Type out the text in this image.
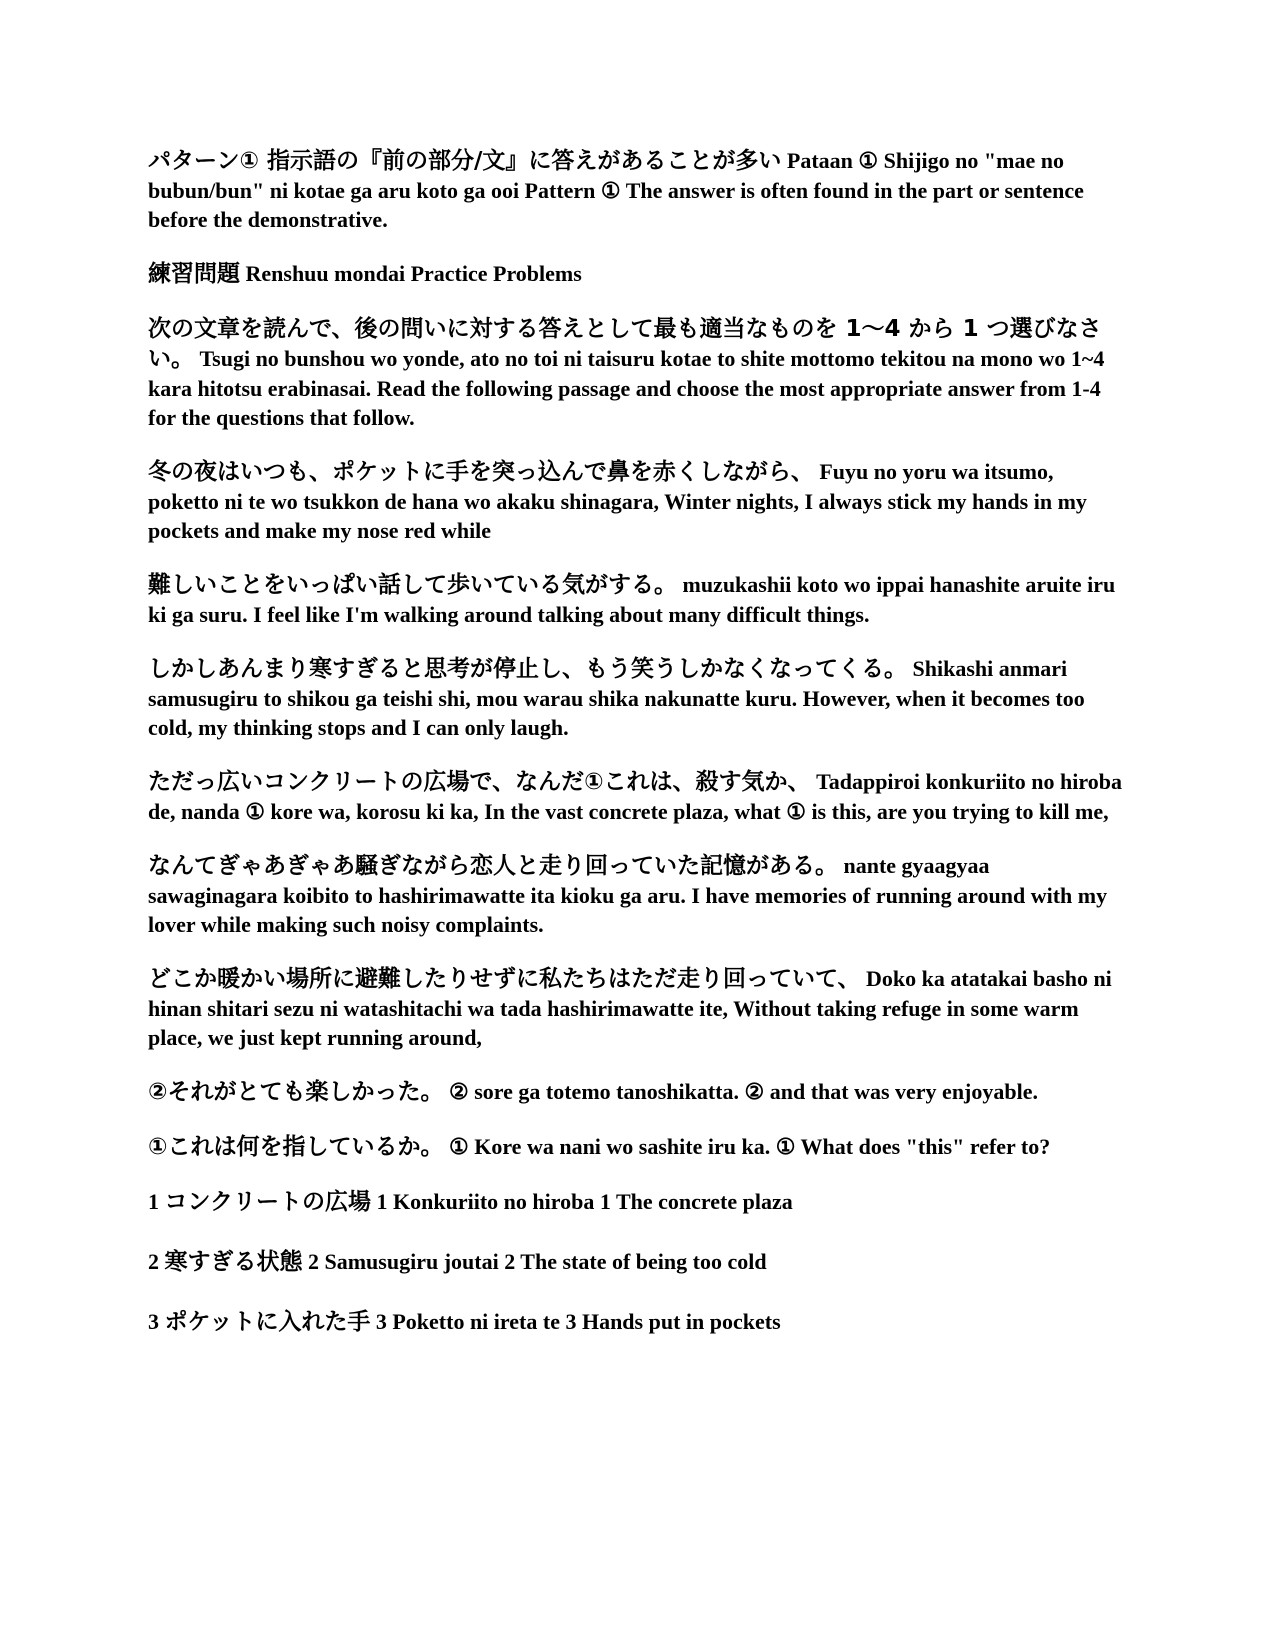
パターン① 指示語の『前の部分/文』に答えがあることが多い Pataan ① Shijigo no "mae no bubun/bun" ni kotae ga aru koto ga ooi Pattern ① The answer is often found in the part or sentence before the demonstrative.

練習問題 Renshuu mondai Practice Problems

次の文章を読んで、後の問いに対する答えとして最も適当なものを 1〜4 から 1 つ選びなさい。 Tsugi no bunshou wo yonde, ato no toi ni taisuru kotae to shite mottomo tekitou na mono wo 1~4 kara hitotsu erabinasai. Read the following passage and choose the most appropriate answer from 1-4 for the questions that follow.

冬の夜はいつも、ポケットに手を突っ込んで鼻を赤くしながら、 Fuyu no yoru wa itsumo, poketto ni te wo tsukkon de hana wo akaku shinagara, Winter nights, I always stick my hands in my pockets and make my nose red while

難しいことをいっぱい話して歩いている気がする。 muzukashii koto wo ippai hanashite aruite iru ki ga suru. I feel like I'm walking around talking about many difficult things.

しかしあんまり寒すぎると思考が停止し、もう笑うしかなくなってくる。 Shikashi anmari samusugiru to shikou ga teishi shi, mou warau shika nakunatte kuru. However, when it becomes too cold, my thinking stops and I can only laugh.

ただっ広いコンクリートの広場で、なんだ①これは、殺す気か、 Tadappiroi konkuriito no hiroba de, nanda ① kore wa, korosu ki ka, In the vast concrete plaza, what ① is this, are you trying to kill me,

なんてぎゃあぎゃあ騒ぎながら恋人と走り回っていた記憶がある。 nante gyaagyaa sawaginagara koibito to hashirimawatte ita kioku ga aru. I have memories of running around with my lover while making such noisy complaints.

どこか暖かい場所に避難したりせずに私たちはただ走り回っていて、 Doko ka atatakai basho ni hinan shitari sezu ni watashitachi wa tada hashirimawatte ite, Without taking refuge in some warm place, we just kept running around,

②それがとても楽しかった。 ② sore ga totemo tanoshikatta. ② and that was very enjoyable.

①これは何を指しているか。 ① Kore wa nani wo sashite iru ka. ① What does "this" refer to?

1 コンクリートの広場 1 Konkuriito no hiroba 1 The concrete plaza

2 寒すぎる状態 2 Samusugiru joutai 2 The state of being too cold

3 ポケットに入れた手 3 Poketto ni ireta te 3 Hands put in pockets
